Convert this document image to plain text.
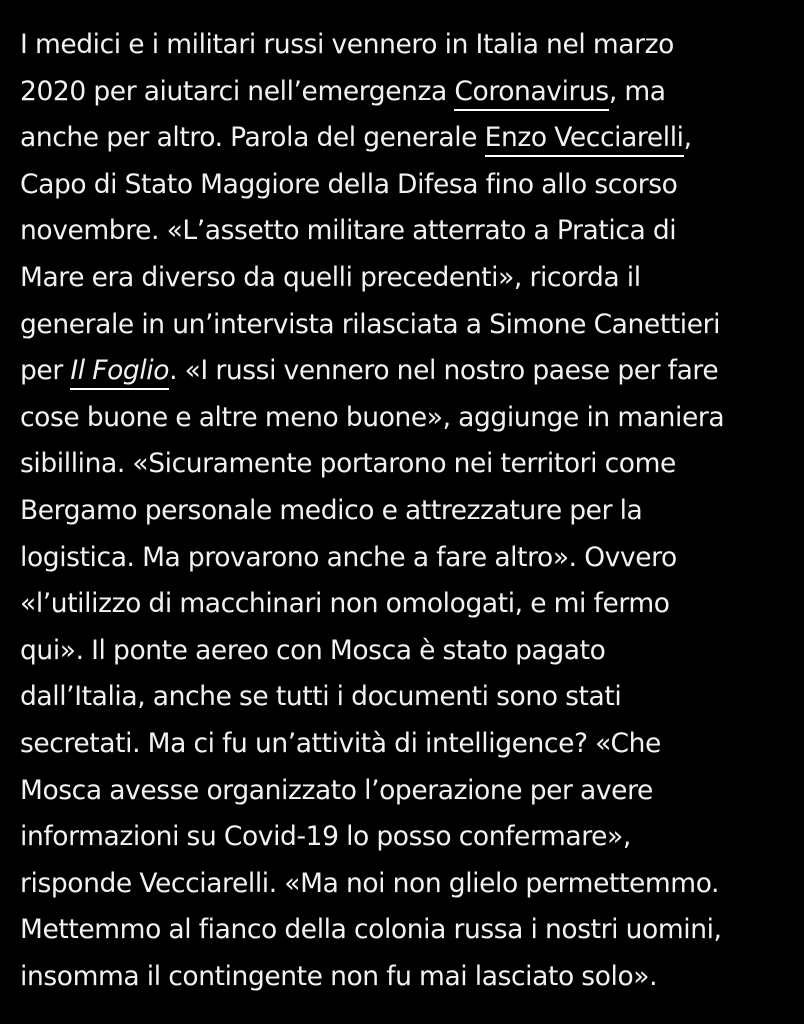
I medici e i militari russi vennero in Italia nel marzo
2020 per aiutarci nell’emergenza Coronavirus, ma
anche per altro. Parola del generale Enzo Vecciarelli,
Capo di Stato Maggiore della Difesa fino allo scorso
novembre. «L’assetto militare atterrato a Pratica di
Mare era diverso da quelli precedenti», ricorda il
generale in un’intervista rilasciata a Simone Canettieri
per Il Foglio. «I russi vennero nel nostro paese per fare
cose buone e altre meno buone», aggiunge in maniera
sibillina. «Sicuramente portarono nei territori come
Bergamo personale medico e attrezzature per la
logistica. Ma provarono anche a fare altro». Ovvero
«l’utilizzo di macchinari non omologati, e mi fermo
qui». Il ponte aereo con Mosca è stato pagato
dall’Italia, anche se tutti i documenti sono stati
secretati. Ma ci fu un’attività di intelligence? «Che
Mosca avesse organizzato l’operazione per avere
informazioni su Covid-19 lo posso confermare»,
risponde Vecciarelli. «Ma noi non glielo permettemmo.
Mettemmo al fianco della colonia russa i nostri uomini,
insomma il contingente non fu mai lasciato solo».
